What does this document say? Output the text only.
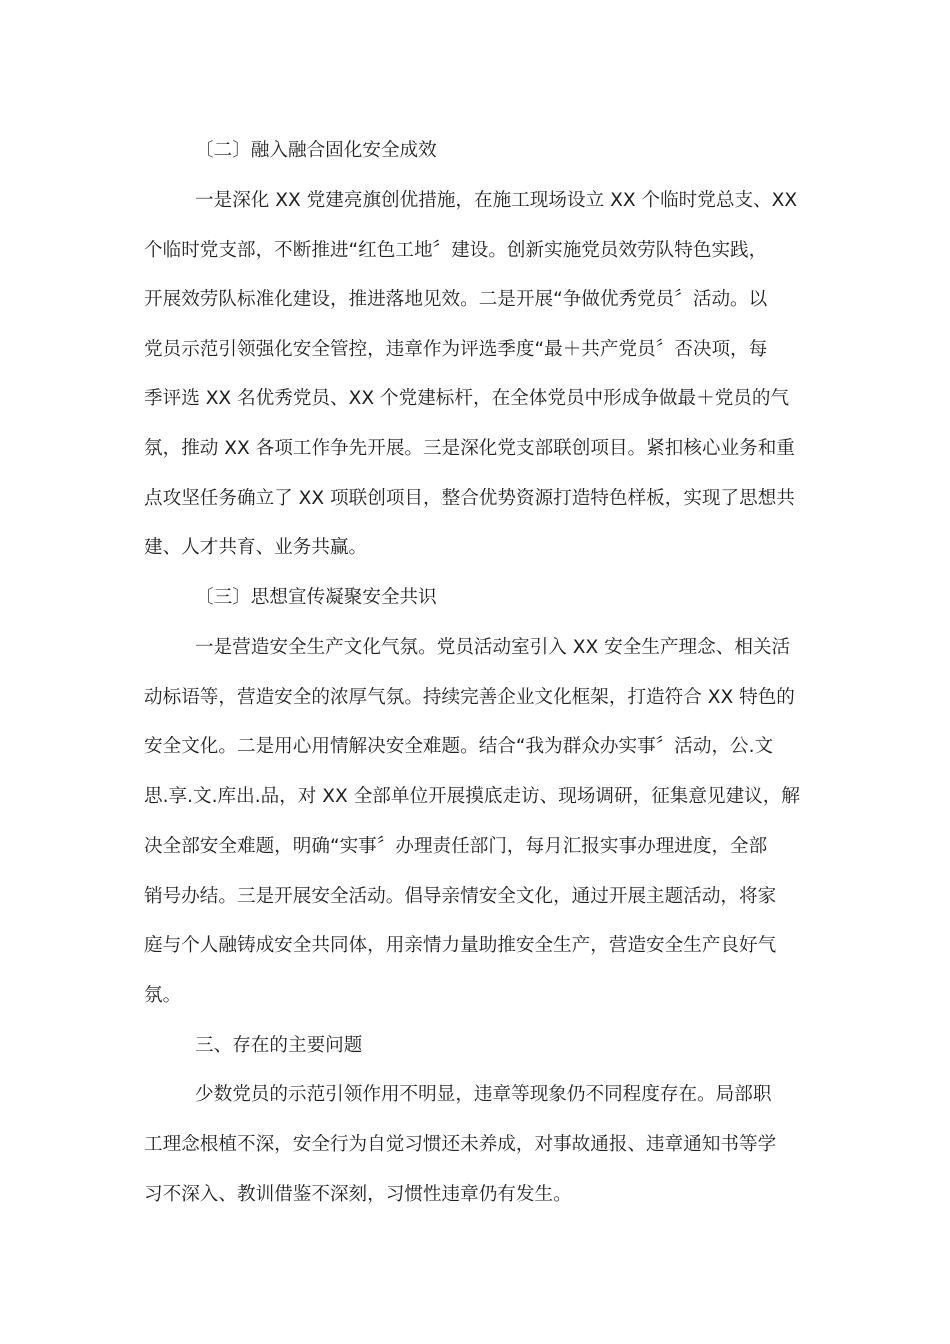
〔二〕融入融合固化安全成效
一是深化 XX 党建亮旗创优措施，在施工现场设立 XX 个临时党总支、XX
个临时党支部，不断推进“红色工地〞建设。创新实施党员效劳队特色实践，
开展效劳队标准化建设，推进落地见效。二是开展“争做优秀党员〞活动。以
党员示范引领强化安全管控，违章作为评选季度“最＋共产党员〞否决项，每
季评选 XX 名优秀党员、XX 个党建标杆，在全体党员中形成争做最＋党员的气
氛，推动 XX 各项工作争先开展。三是深化党支部联创项目。紧扣核心业务和重
点攻坚任务确立了 XX 项联创项目，整合优势资源打造特色样板，实现了思想共
建、人才共育、业务共赢。
〔三〕思想宣传凝聚安全共识
一是营造安全生产文化气氛。党员活动室引入 XX 安全生产理念、相关活
动标语等，营造安全的浓厚气氛。持续完善企业文化框架，打造符合 XX 特色的
安全文化。二是用心用情解决安全难题。结合“我为群众办实事〞活动，公.文
思.享.文.库出.品，对 XX 全部单位开展摸底走访、现场调研，征集意见建议，解
决全部安全难题，明确“实事〞办理责任部门，每月汇报实事办理进度，全部
销号办结。三是开展安全活动。倡导亲情安全文化，通过开展主题活动，将家
庭与个人融铸成安全共同体，用亲情力量助推安全生产，营造安全生产良好气
氛。
三、存在的主要问题
少数党员的示范引领作用不明显，违章等现象仍不同程度存在。局部职
工理念根植不深，安全行为自觉习惯还未养成，对事故通报、违章通知书等学
习不深入、教训借鉴不深刻，习惯性违章仍有发生。
